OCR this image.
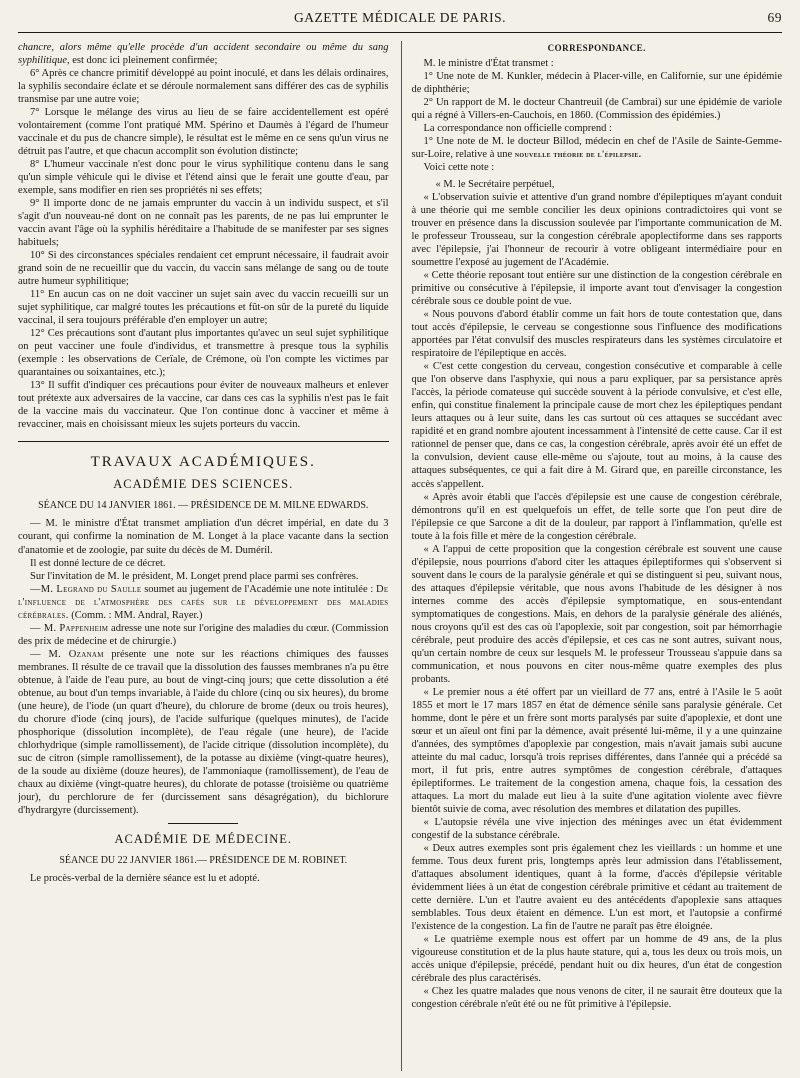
GAZETTE MÉDICALE DE PARIS.	69

chancre, alors même qu'elle procède d'un accident secondaire ou même du sang syphilitique, est donc ici pleinement confirmée;

6° Après ce chancre primitif développé au point inoculé, et dans les délais ordinaires, la syphilis secondaire éclate et se déroule normalement sans différer des cas de syphilis transmise par une autre voie;

7° Lorsque le mélange des virus au lieu de se faire accidentellement est opéré volontairement (comme l'ont pratiqué MM. Spérino et Daumès à l'égard de l'humeur vaccinale et du pus de chancre simple), le résultat est le même en ce sens qu'un virus ne détruit pas l'autre, et que chacun accomplit son évolution distincte;

8° L'humeur vaccinale n'est donc pour le virus syphilitique contenu dans le sang qu'un simple véhicule qui le divise et l'étend ainsi que le ferait une goutte d'eau, par exemple, sans modifier en rien ses propriétés ni ses effets;

9° Il importe donc de ne jamais emprunter du vaccin à un individu suspect, et s'il s'agit d'un nouveau-né dont on ne connaît pas les parents, de ne pas lui emprunter le vaccin avant l'âge où la syphilis héréditaire a l'habitude de se manifester par ses signes habituels;

10° Si des circonstances spéciales rendaient cet emprunt nécessaire, il faudrait avoir grand soin de ne recueillir que du vaccin, du vaccin sans mélange de sang ou de toute autre humeur syphilitique;

11° En aucun cas on ne doit vacciner un sujet sain avec du vaccin recueilli sur un sujet syphilitique, car malgré toutes les précautions et fût-on sûr de la pureté du liquide vaccinal, il sera toujours préférable d'en employer un autre;

12° Ces précautions sont d'autant plus importantes qu'avec un seul sujet syphilitique on peut vacciner une foule d'individus, et transmettre à presque tous la syphilis (exemple : les observations de Cerïale, de Crémone, où l'on compte les victimes par quarantaines ou soixantaines, etc.);

13° Il suffit d'indiquer ces précautions pour éviter de nouveaux malheurs et enlever tout prétexte aux adversaires de la vaccine, car dans ces cas la syphilis n'est pas le fait de la vaccine mais du vaccinateur. Que l'on continue donc à vacciner et même à revacciner, mais en choisissant mieux les sujets porteurs du vaccin.

TRAVAUX ACADÉMIQUES.
ACADÉMIE DES SCIENCES.
SÉANCE DU 14 JANVIER 1861. — PRÉSIDENCE DE M. MILNE EDWARDS.

— M. le ministre d'État transmet ampliation d'un décret impérial, en date du 3 courant, qui confirme la nomination de M. Longet à la place vacante dans la section d'anatomie et de zoologie, par suite du décès de M. Duméril.

Il est donné lecture de ce décret.

Sur l'invitation de M. le président, M. Longet prend place parmi ses confrères.

—M. Legrand du Saulle soumet au jugement de l'Académie une note intitulée : De l'influence de l'atmosphère des cafés sur le développement des maladies cérébrales. (Comm. : MM. Andral, Rayer.)

— M. Pappenheim adresse une note sur l'origine des maladies du cœur. (Commission des prix de médecine et de chirurgie.)

— M. Ozanam présente une note sur les réactions chimiques des fausses membranes. Il résulte de ce travail que la dissolution des fausses membranes n'a pu être obtenue, à l'aide de l'eau pure, au bout de vingt-cinq jours; que cette dissolution a été obtenue, au bout d'un temps invariable, à l'aide du chlore (cinq ou six heures), du brome (une heure), de l'iode (un quart d'heure), du chlorure de brome (deux ou trois heures), du chorure d'iode (cinq jours), de l'acide sulfurique (quelques minutes), de l'acide phosphorique (dissolution incomplète), de l'eau régale (une heure), de l'acide chlorhydrique (simple ramollissement), de l'acide citrique (dissolution incomplète), du suc de citron (simple ramollissement), de la potasse au dixième (vingt-quatre heures), de la soude au dixième (douze heures), de l'ammoniaque (ramollissement), de l'eau de chaux au dixième (vingt-quatre heures), du chlorate de potasse (troisième ou quatrième jour), du perchlorure de fer (durcissement sans désagrégation), du bichlorure d'hydrargyre (durcissement).

ACADÉMIE DE MÉDECINE.
SÉANCE DU 22 JANVIER 1861.— PRÉSIDENCE DE M. ROBINET.

Le procès-verbal de la dernière séance est lu et adopté.

CORRESPONDANCE.

M. le ministre d'État transmet :

1° Une note de M. Kunkler, médecin à Placer-ville, en Californie, sur une épidémie de diphthérie;

2° Un rapport de M. le docteur Chantreuil (de Cambrai) sur une épidémie de variole qui a régné à Villers-en-Cauchois, en 1860. (Commission des épidémies.)

La correspondance non officielle comprend :

1° Une note de M. le docteur Billod, médecin en chef de l'Asile de Sainte-Gemme-sur-Loire, relative à une nouvelle théorie de l'épilepsie.

Voici cette note :

« M. le Secrétaire perpétuel,

« L'observation suivie et attentive d'un grand nombre d'épileptiques m'ayant conduit à une théorie qui me semble concilier les deux opinions contradictoires qui vont se trouver en présence dans la discussion soulevée par l'importante communication de M. le professeur Trousseau, sur la congestion cérébrale apoplectiforme dans ses rapports avec l'épilepsie, j'ai l'honneur de recourir à votre obligeant intermédiaire pour en soumettre l'exposé au jugement de l'Académie.

« Cette théorie reposant tout entière sur une distinction de la congestion cérébrale en primitive ou consécutive à l'épilepsie, il importe avant tout d'envisager la congestion cérébrale sous ce double point de vue.

« Nous pouvons d'abord établir comme un fait hors de toute contestation que, dans tout accès d'épilepsie, le cerveau se congestionne sous l'influence des modifications apportées par l'état convulsif des muscles respirateurs dans les systèmes circulatoire et respiratoire de l'épileptique en accès.

« C'est cette congestion du cerveau, congestion consécutive et comparable à celle que l'on observe dans l'asphyxie, qui nous a paru expliquer, par sa persistance après l'accès, la période comateuse qui succède souvent à la période convulsive, et c'est elle, enfin, qui constitue finalement la principale cause de mort chez les épileptiques pendant leurs attaques ou à leur suite, dans les cas surtout où ces attaques se succédant avec rapidité et en grand nombre ajoutent incessamment à l'intensité de cette cause. Car il est rationnel de penser que, dans ce cas, la congestion cérébrale, après avoir été un effet de la convulsion, devient cause elle-même ou s'ajoute, tout au moins, à la cause des attaques subséquentes, ce qui a fait dire à M. Girard que, en pareille circonstance, les accès s'appellent.

« Après avoir établi que l'accès d'épilepsie est une cause de congestion cérébrale, démontrons qu'il en est quelquefois un effet, de telle sorte que l'on peut dire de l'épilepsie ce que Sarcone a dit de la douleur, par rapport à l'inflammation, qu'elle est toute à la fois fille et mère de la congestion cérébrale.

« A l'appui de cette proposition que la congestion cérébrale est souvent une cause d'épilepsie, nous pourrions d'abord citer les attaques épileptiformes qui s'observent si souvent dans le cours de la paralysie générale et qui se distinguent si peu, suivant nous, des attaques d'épilepsie véritable, que nous avons l'habitude de les désigner à nos internes comme des accès d'épilepsie symptomatique, en sous-entendant symptomatiques de congestions. Mais, en dehors de la paralysie générale des aliénés, nous croyons qu'il est des cas où l'apoplexie, soit par congestion, soit par hémorrhagie cérébrale, peut produire des accès d'épilepsie, et ces cas ne sont autres, suivant nous, qu'un certain nombre de ceux sur lesquels M. le professeur Trousseau s'appuie dans sa communication, et nous pouvons en citer nous-même quatre exemples des plus probants.

« Le premier nous a été offert par un vieillard de 77 ans, entré à l'Asile le 5 août 1855 et mort le 17 mars 1857 en état de démence sénile sans paralysie générale. Cet homme, dont le père et un frère sont morts paralysés par suite d'apoplexie, et dont une sœur et un aïeul ont fini par la démence, avait présenté lui-même, il y a une quinzaine d'années, des symptômes d'apoplexie par congestion, mais n'avait jamais subi aucune atteinte du mal caduc, lorsqu'à trois reprises différentes, dans l'année qui a précédé sa mort, il fut pris, entre autres symptômes de congestion cérébrale, d'attaques épileptiformes. Le traitement de la congestion amena, chaque fois, la cessation des attaques. La mort du malade eut lieu à la suite d'une agitation violente avec fièvre bientôt suivie de coma, avec résolution des membres et dilatation des pupilles.

« L'autopsie révéla une vive injection des méninges avec un état évidemment congestif de la substance cérébrale.

« Deux autres exemples sont pris également chez les vieillards : un homme et une femme. Tous deux furent pris, longtemps après leur admission dans l'établissement, d'attaques absolument identiques, quant à la forme, d'accès d'épilepsie véritable évidemment liées à un état de congestion cérébrale primitive et cédant au traitement de cette dernière. L'un et l'autre avaient eu des antécédents d'apoplexie sans attaques semblables. Tous deux étaient en démence. L'un est mort, et l'autopsie a confirmé l'existence de la congestion. La fin de l'autre ne paraît pas être éloignée.

« Le quatrième exemple nous est offert par un homme de 49 ans, de la plus vigoureuse constitution et de la plus haute stature, qui a, tous les deux ou trois mois, un accès unique d'épilepsie, précédé, pendant huit ou dix heures, d'un état de congestion cérébrale des plus caractérisés.

« Chez les quatre malades que nous venons de citer, il ne saurait être douteux que la congestion cérébrale n'eût été ou ne fût primitive à l'épilepsie.
